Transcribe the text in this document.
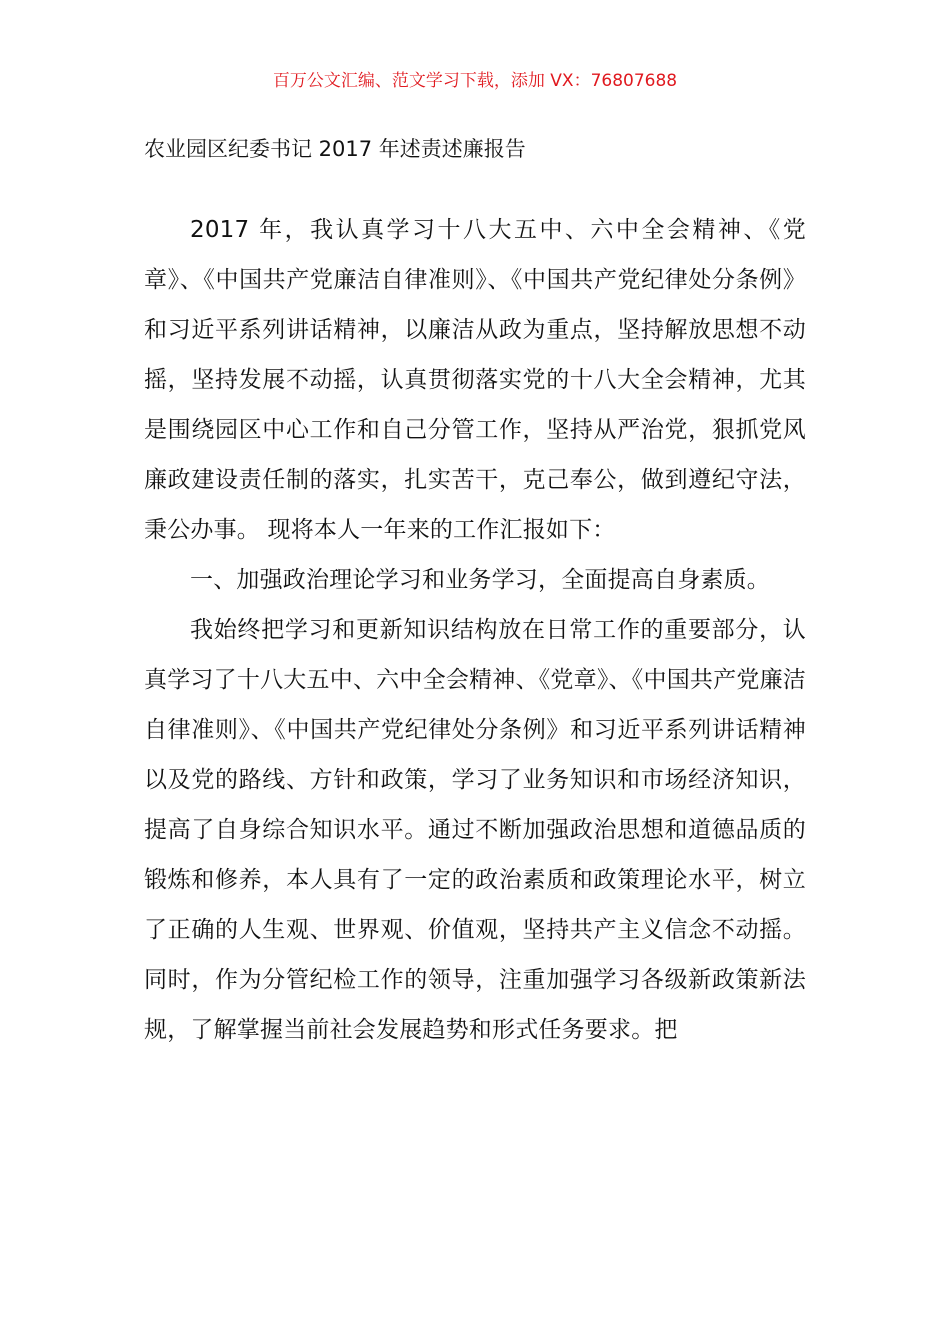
百万公文汇编、范文学习下载，添加 VX：76807688
农业园区纪委书记 2017 年述责述廉报告

2017 年，我认真学习十八大五中、六中全会精神、《党章》、《中国共产党廉洁自律准则》、《中国共产党纪律处分条例》和习近平系列讲话精神，以廉洁从政为重点，坚持解放思想不动摇，坚持发展不动摇，认真贯彻落实党的十八大全会精神，尤其是围绕园区中心工作和自己分管工作，坚持从严治党，狠抓党风廉政建设责任制的落实，扎实苦干，克己奉公，做到遵纪守法，秉公办事。 现将本人一年来的工作汇报如下：

一、加强政治理论学习和业务学习，全面提高自身素质。

我始终把学习和更新知识结构放在日常工作的重要部分，认真学习了十八大五中、六中全会精神、《党章》、《中国共产党廉洁自律准则》、《中国共产党纪律处分条例》和习近平系列讲话精神以及党的路线、方针和政策，学习了业务知识和市场经济知识，提高了自身综合知识水平。通过不断加强政治思想和道德品质的锻炼和修养，本人具有了一定的政治素质和政策理论水平，树立了正确的人生观、世界观、价值观，坚持共产主义信念不动摇。同时，作为分管纪检工作的领导，注重加强学习各级新政策新法规，了解掌握当前社会发展趋势和形式任务要求。把
